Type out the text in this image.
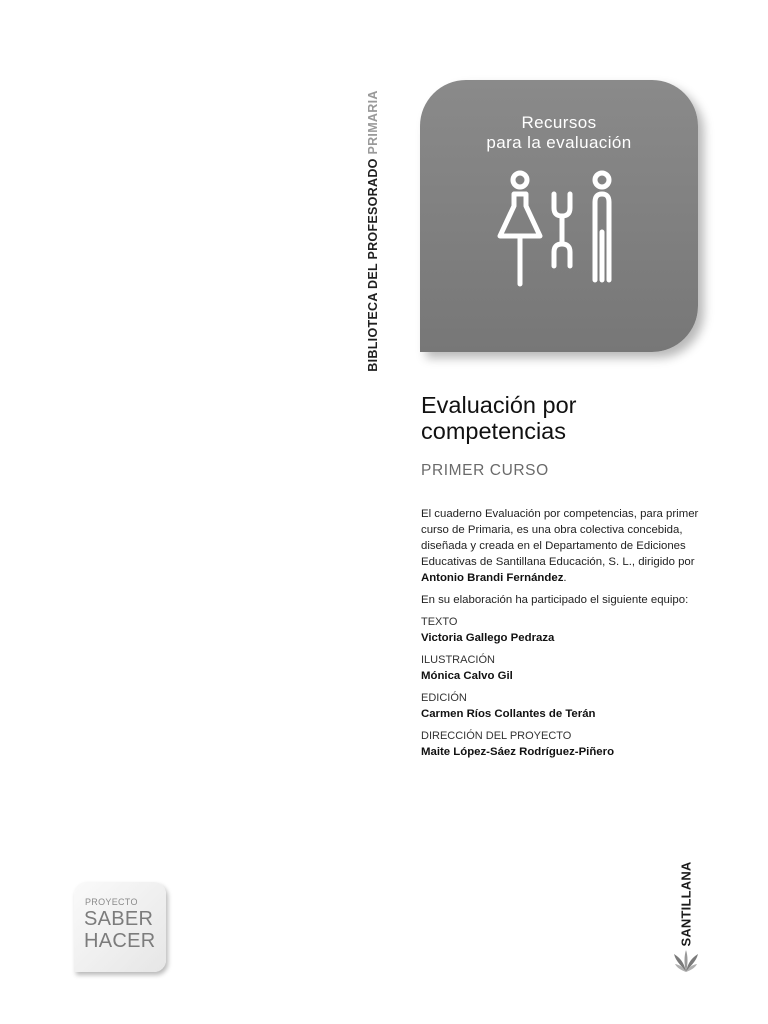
BIBLIOTECA DEL PROFESORADO PRIMARIA	Recursos
para la evaluación
Evaluación por
competencias
PRIMER CURSO

El cuaderno Evaluación por competencias, para primer curso de Primaria, es una obra colectiva concebida, diseñada y creada en el Departamento de Ediciones Educativas de Santillana Educación, S. L., dirigido por Antonio Brandi Fernández.

En su elaboración ha participado el siguiente equipo:

TEXTO
Victoria Gallego Pedraza
ILUSTRACIÓN
Mónica Calvo Gil
EDICIÓN
Carmen Ríos Collantes de Terán
DIRECCIÓN DEL PROYECTO
Maite López-Sáez Rodríguez-Piñero
PROYECTO
SABER
HACER	SANTILLANA
